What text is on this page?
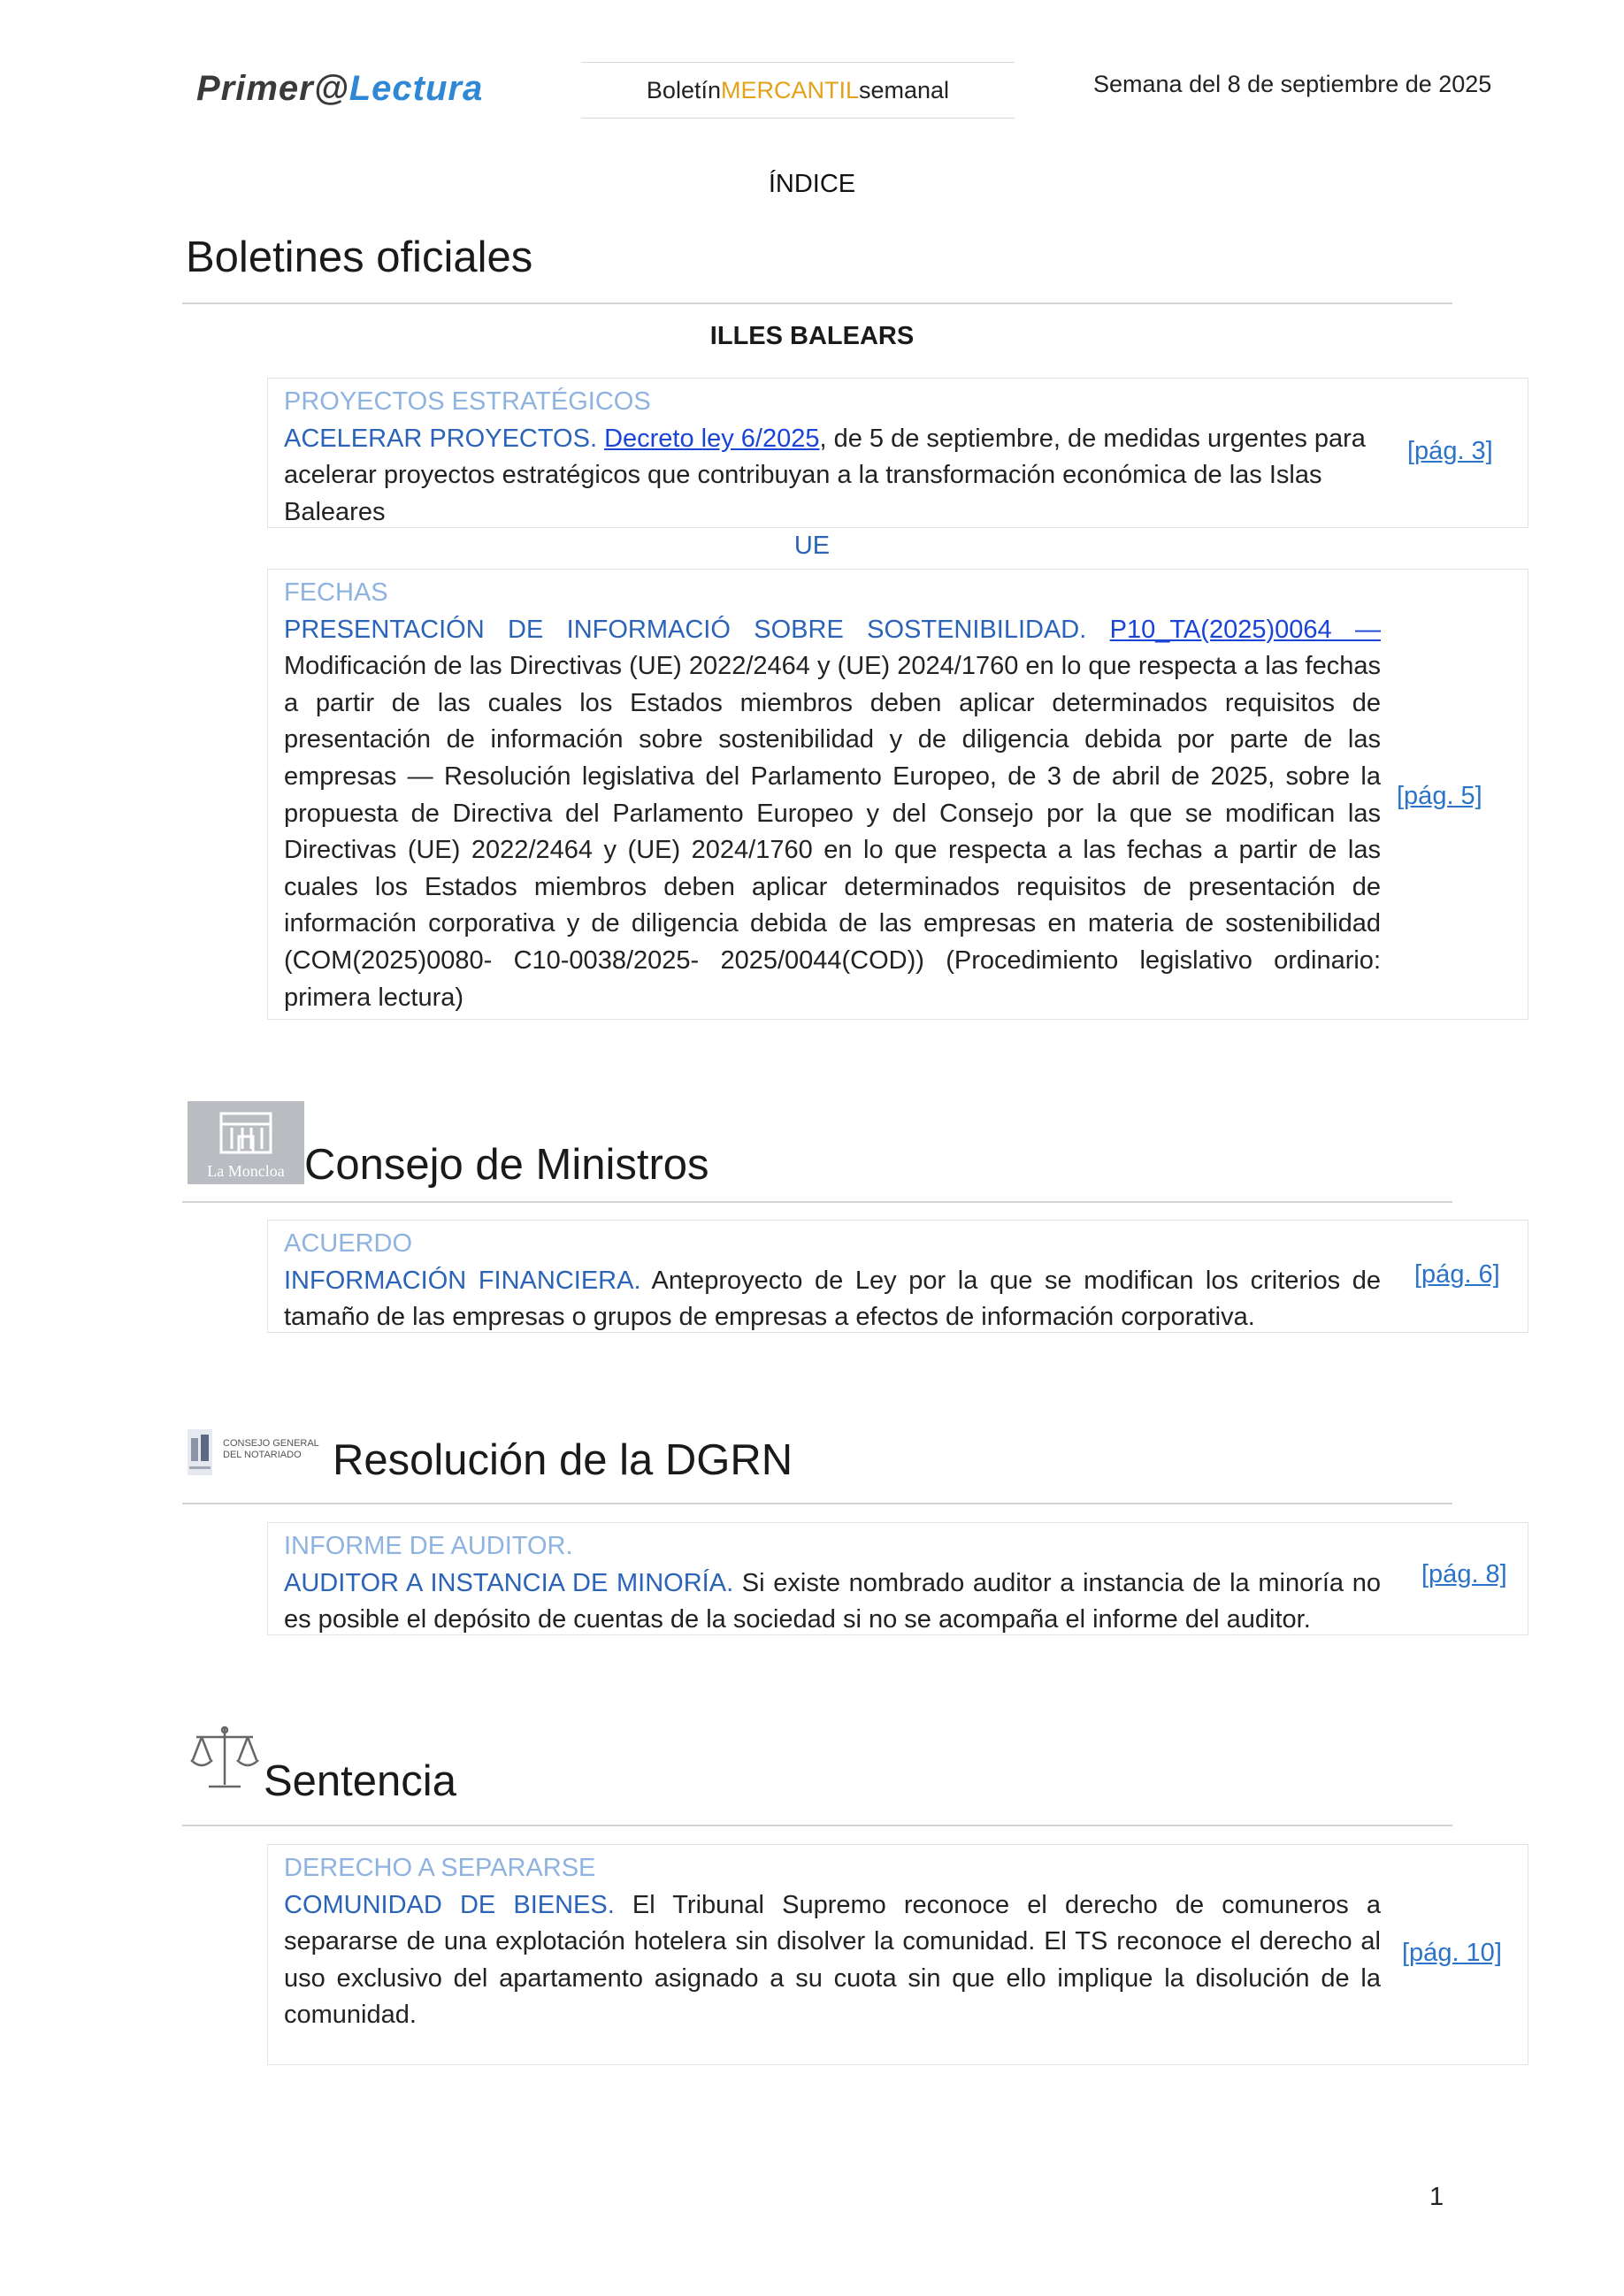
Primer@Lectura	Boletín MERCANTIL semanal	Semana del 8 de septiembre de 2025
ÍNDICE
Boletines oficiales
ILLES BALEARS
PROYECTOS ESTRATÉGICOS
ACELERAR PROYECTOS. Decreto ley 6/2025, de 5 de septiembre, de medidas urgentes para acelerar proyectos estratégicos que contribuyan a la transformación económica de las Islas Baleares
[pág. 3]
UE
FECHAS
PRESENTACIÓN DE INFORMACIÓ SOBRE SOSTENIBILIDAD. P10_TA(2025)0064 — Modificación de las Directivas (UE) 2022/2464 y (UE) 2024/1760 en lo que respecta a las fechas a partir de las cuales los Estados miembros deben aplicar determinados requisitos de presentación de información sobre sostenibilidad y de diligencia debida por parte de las empresas — Resolución legislativa del Parlamento Europeo, de 3 de abril de 2025, sobre la propuesta de Directiva del Parlamento Europeo y del Consejo por la que se modifican las Directivas (UE) 2022/2464 y (UE) 2024/1760 en lo que respecta a las fechas a partir de las cuales los Estados miembros deben aplicar determinados requisitos de presentación de información corporativa y de diligencia debida de las empresas en materia de sostenibilidad (COM(2025)0080- C10-0038/2025- 2025/0044(COD)) (Procedimiento legislativo ordinario: primera lectura)
[pág. 5]
La Moncloa Consejo de Ministros
ACUERDO
INFORMACIÓN FINANCIERA. Anteproyecto de Ley por la que se modifican los criterios de tamaño de las empresas o grupos de empresas a efectos de información corporativa.
[pág. 6]
CONSEJO GENERAL
DEL NOTARIADO Resolución de la DGRN
INFORME DE AUDITOR.
AUDITOR A INSTANCIA DE MINORÍA. Si existe nombrado auditor a instancia de la minoría no es posible el depósito de cuentas de la sociedad si no se acompaña el informe del auditor.
[pág. 8]
Sentencia
DERECHO A SEPARARSE
COMUNIDAD DE BIENES. El Tribunal Supremo reconoce el derecho de comuneros a separarse de una explotación hotelera sin disolver la comunidad. El TS reconoce el derecho al uso exclusivo del apartamento asignado a su cuota sin que ello implique la disolución de la comunidad.
[pág. 10]
1
